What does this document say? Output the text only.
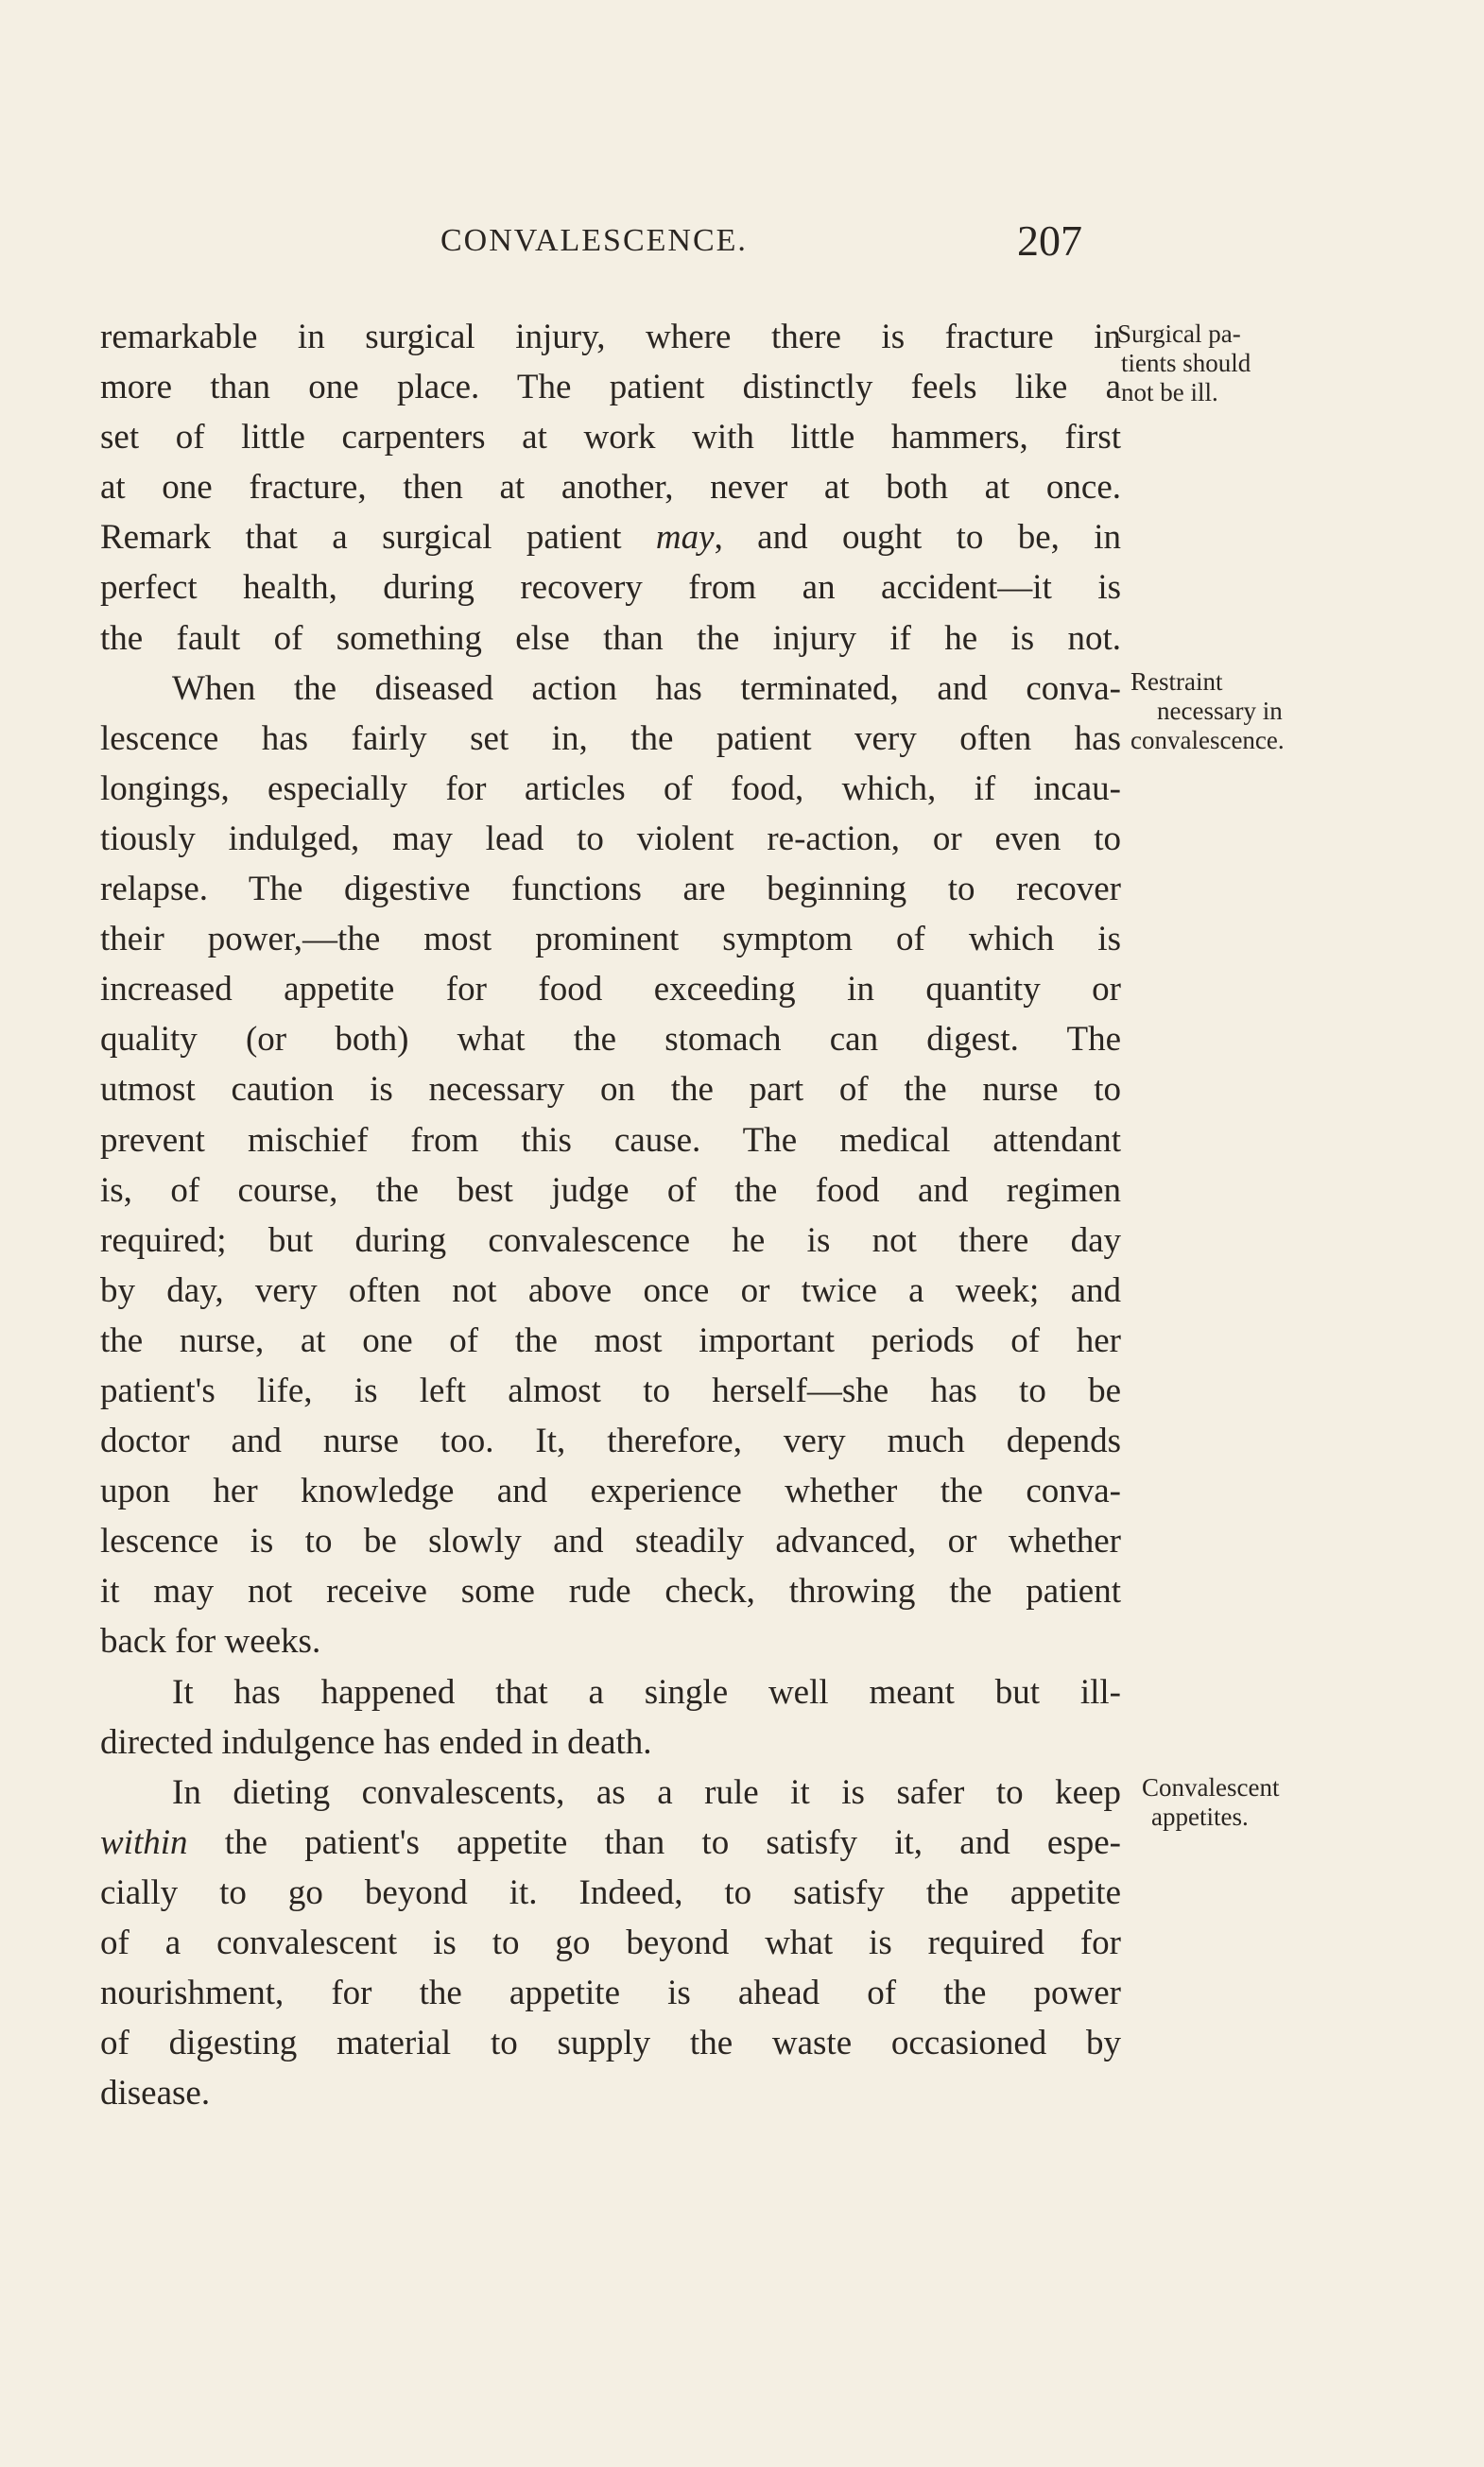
CONVALESCENCE.	207
remarkable in surgical injury, where there is fracture in
more than one place. The patient distinctly feels like a
set of little carpenters at work with little hammers, first
at one fracture, then at another, never at both at once.
Remark that a surgical patient may, and ought to be, in
perfect health, during recovery from an accident—it is
the fault of something else than the injury if he is not.
When the diseased action has terminated, and conva-
lescence has fairly set in, the patient very often has
longings, especially for articles of food, which, if incau-
tiously indulged, may lead to violent re-action, or even to
relapse. The digestive functions are beginning to recover
their power,—the most prominent symptom of which is
increased appetite for food exceeding in quantity or
quality (or both) what the stomach can digest. The
utmost caution is necessary on the part of the nurse to
prevent mischief from this cause. The medical attendant
is, of course, the best judge of the food and regimen
required; but during convalescence he is not there day
by day, very often not above once or twice a week; and
the nurse, at one of the most important periods of her
patient's life, is left almost to herself—she has to be
doctor and nurse too. It, therefore, very much depends
upon her knowledge and experience whether the conva-
lescence is to be slowly and steadily advanced, or whether
it may not receive some rude check, throwing the patient
back for weeks.
It has happened that a single well meant but ill-
directed indulgence has ended in death.
In dieting convalescents, as a rule it is safer to keep
within the patient's appetite than to satisfy it, and espe-
cially to go beyond it. Indeed, to satisfy the appetite
of a convalescent is to go beyond what is required for
nourishment, for the appetite is ahead of the power
of digesting material to supply the waste occasioned by
disease.
Surgical pa-
tients should
not be ill.
Restraint
necessary in
convalescence.
Convalescent
appetites.
